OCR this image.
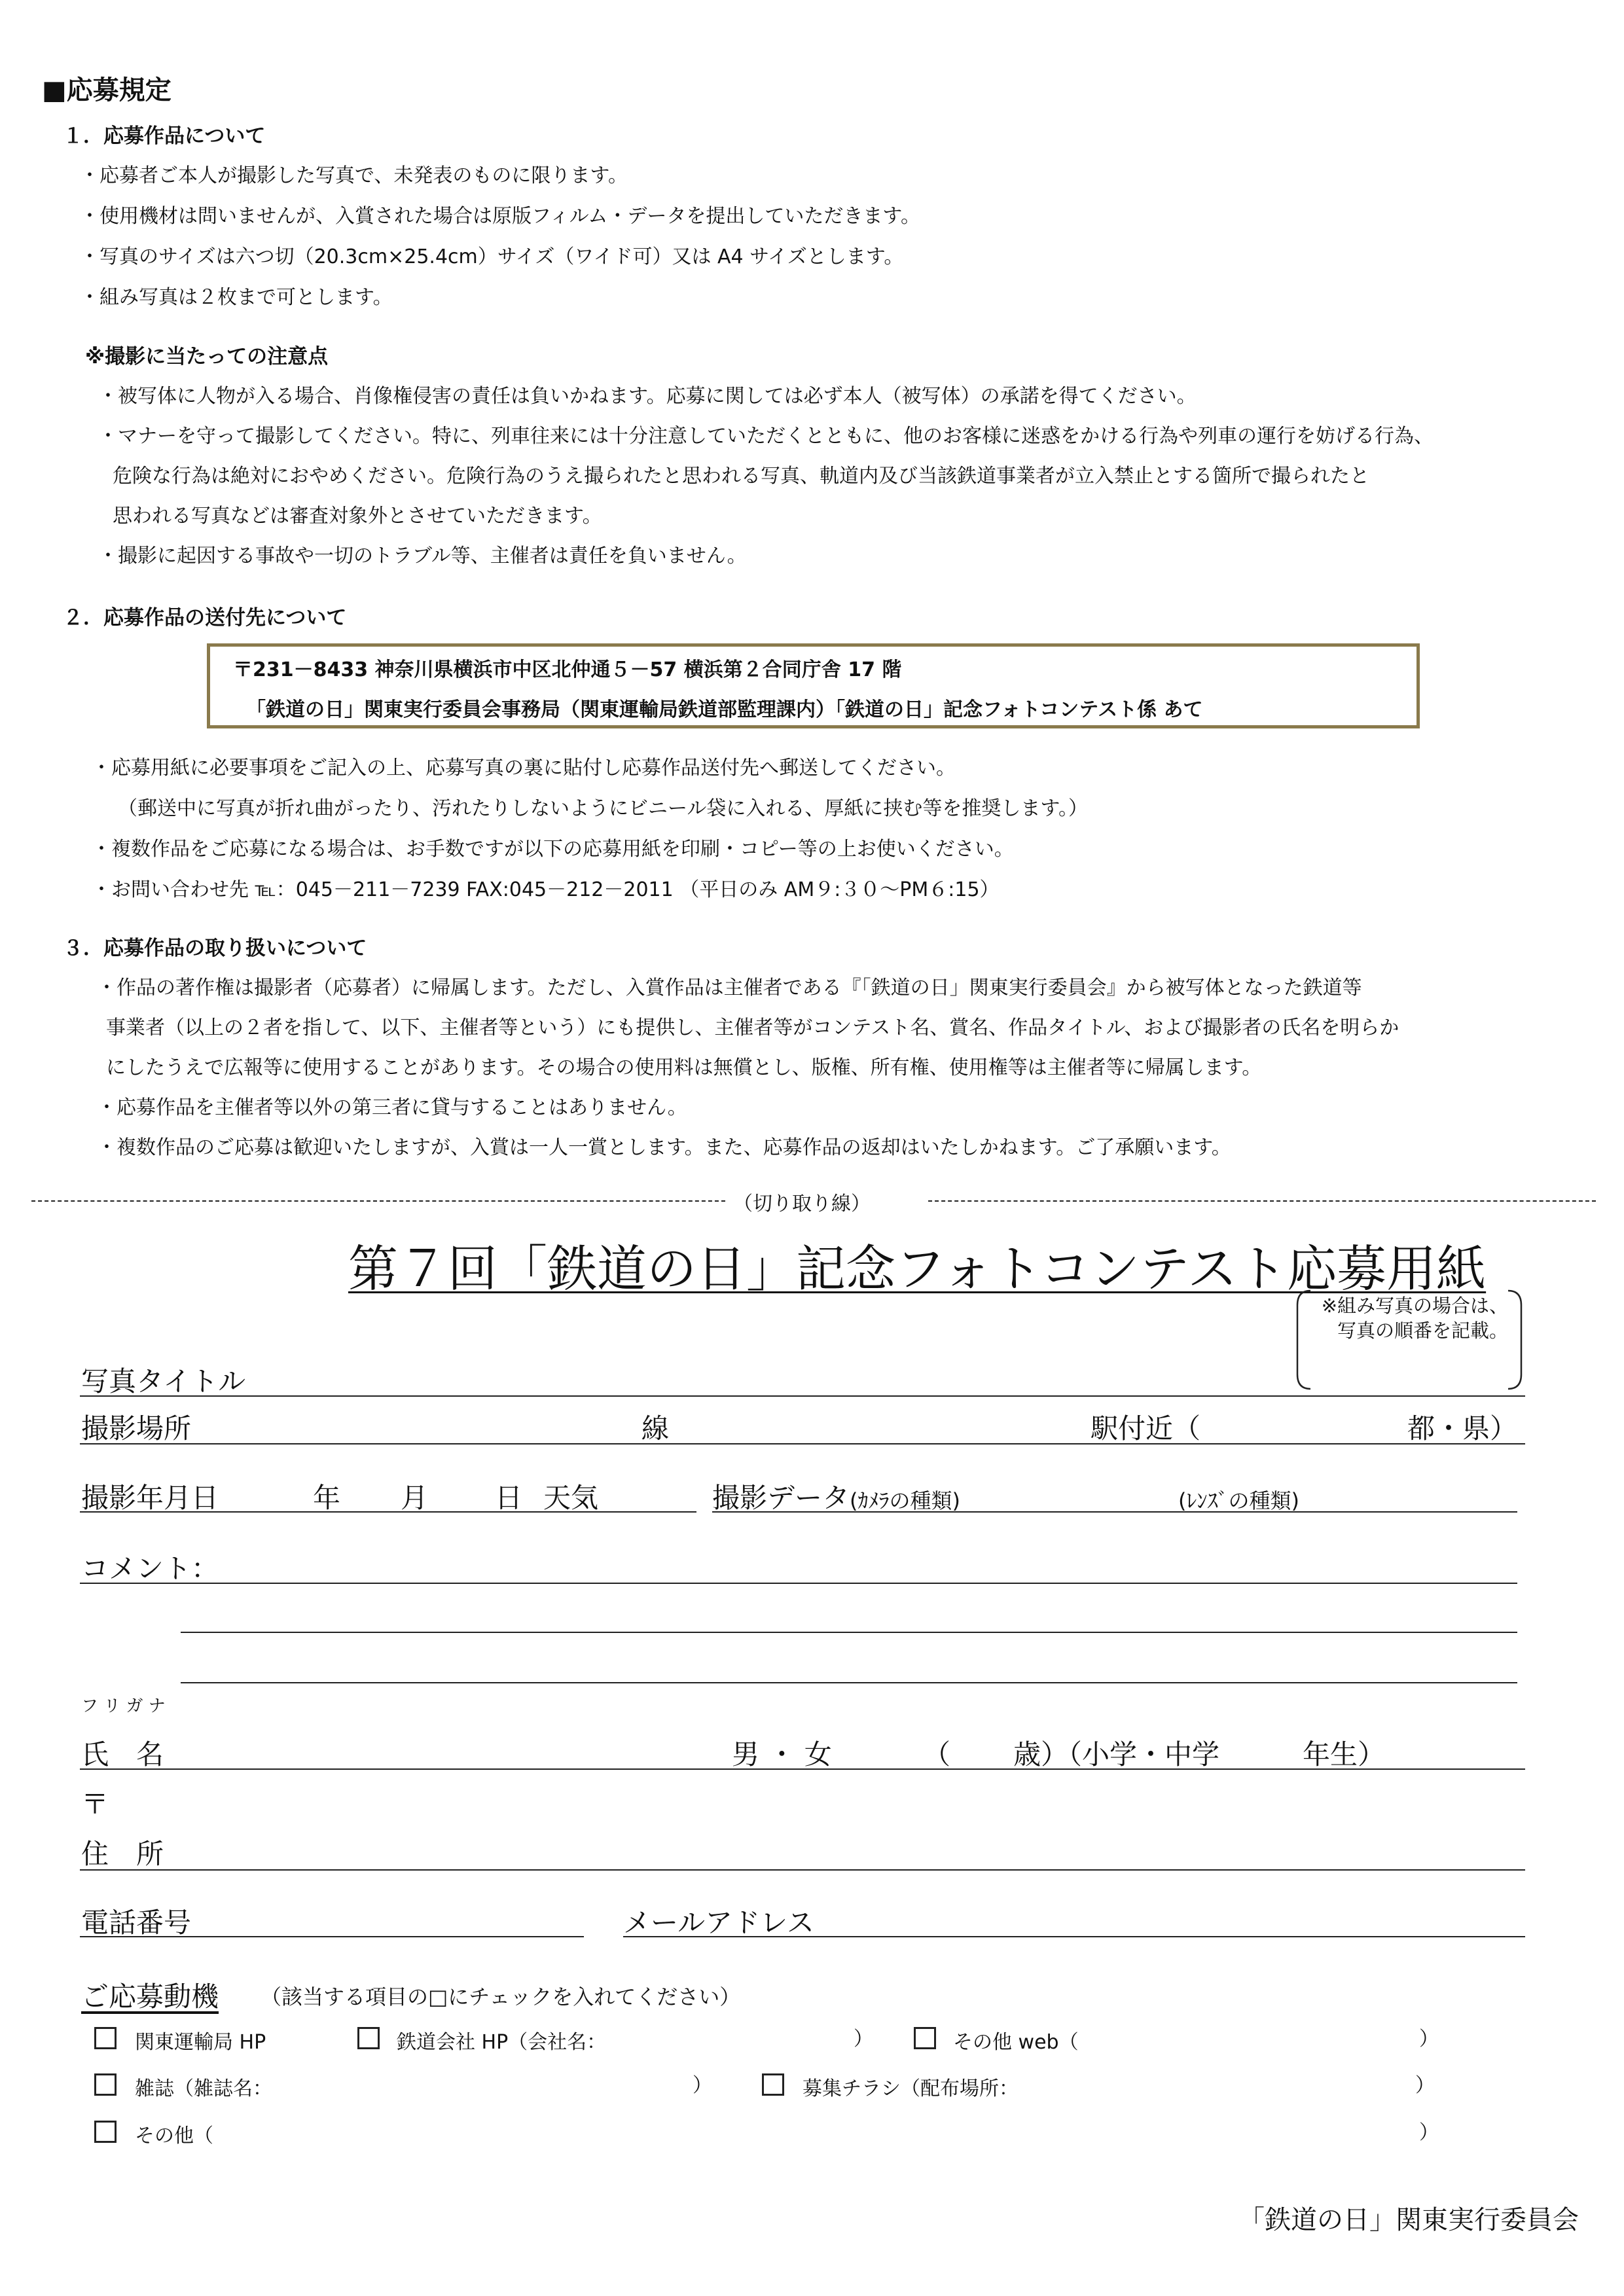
■応募規定
１．応募作品について
・応募者ご本人が撮影した写真で、未発表のものに限ります。
・使用機材は問いませんが、入賞された場合は原版フィルム・データを提出していただきます。
・写真のサイズは六つ切（20.3cm×25.4cm）サイズ（ワイド可）又は A4 サイズとします。
・組み写真は２枚まで可とします。
※撮影に当たっての注意点
・被写体に人物が入る場合、肖像権侵害の責任は負いかねます。応募に関しては必ず本人（被写体）の承諾を得てください。
・マナーを守って撮影してください。特に、列車往来には十分注意していただくとともに、他のお客様に迷惑をかける行為や列車の運行を妨げる行為、
危険な行為は絶対におやめください。危険行為のうえ撮られたと思われる写真、軌道内及び当該鉄道事業者が立入禁止とする箇所で撮られたと
思われる写真などは審査対象外とさせていただきます。
・撮影に起因する事故や一切のトラブル等、主催者は責任を負いません。
２．応募作品の送付先について
〒231－8433 神奈川県横浜市中区北仲通５－57 横浜第２合同庁舎 17 階
「鉄道の日」関東実行委員会事務局（関東運輸局鉄道部監理課内）「鉄道の日」記念フォトコンテスト係 あて
・応募用紙に必要事項をご記入の上、応募写真の裏に貼付し応募作品送付先へ郵送してください。
（郵送中に写真が折れ曲がったり、汚れたりしないようにビニール袋に入れる、厚紙に挟む等を推奨します。）
・複数作品をご応募になる場合は、お手数ですが以下の応募用紙を印刷・コピー等の上お使いください。
・お問い合わせ先 ℡：045－211－7239 FAX:045－212－2011 （平日のみ AM９:３０～PM６:15）
３．応募作品の取り扱いについて
・作品の著作権は撮影者（応募者）に帰属します。ただし、入賞作品は主催者である『「鉄道の日」関東実行委員会』から被写体となった鉄道等
事業者（以上の２者を指して、以下、主催者等という）にも提供し、主催者等がコンテスト名、賞名、作品タイトル、および撮影者の氏名を明らか
にしたうえで広報等に使用することがあります。その場合の使用料は無償とし、版権、所有権、使用権等は主催者等に帰属します。
・応募作品を主催者等以外の第三者に貸与することはありません。
・複数作品のご応募は歓迎いたしますが、入賞は一人一賞とします。また、応募作品の返却はいたしかねます。ご了承願います。
（切り取り線）
第７回「鉄道の日」記念フォトコンテスト応募用紙
※組み写真の場合は、
写真の順番を記載。
写真タイトル
撮影場所	線	駅付近（	都・県）
撮影年月日	年 月 日 天気	撮影データ (ｶﾒﾗの種類)	(ﾚﾝｽﾞの種類)
コメント：
フ リ ガ ナ
氏　名	男 ・ 女	（ 歳）（小学・中学	年生）
〒
住　所
電話番号	メールアドレス
ご応募動機 （該当する項目の□にチェックを入れてください）
関東運輸局 HP	鉄道会社 HP（会社名：	）	その他 web（	）
雑誌（雑誌名：	）	募集チラシ（配布場所：	）
その他（	）
「鉄道の日」関東実行委員会
